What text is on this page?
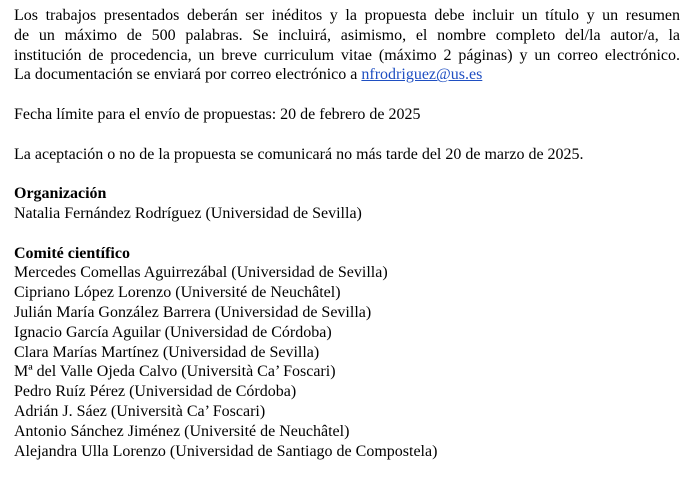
Los trabajos presentados deberán ser inéditos y la propuesta debe incluir un título y un resumen
de un máximo de 500 palabras. Se incluirá, asimismo, el nombre completo del/la autor/a, la
institución de procedencia, un breve curriculum vitae (máximo 2 páginas) y un correo electrónico.
La documentación se enviará por correo electrónico a nfrodriguez@us.es

Fecha límite para el envío de propuestas: 20 de febrero de 2025

La aceptación o no de la propuesta se comunicará no más tarde del 20 de marzo de 2025.

Organización

Natalia Fernández Rodríguez (Universidad de Sevilla)

Comité científico

Mercedes Comellas Aguirrezábal (Universidad de Sevilla)

Cipriano López Lorenzo (Université de Neuchâtel)

Julián María González Barrera (Universidad de Sevilla)

Ignacio García Aguilar (Universidad de Córdoba)

Clara Marías Martínez (Universidad de Sevilla)

Mª del Valle Ojeda Calvo (Università Ca’ Foscari)

Pedro Ruíz Pérez (Universidad de Córdoba)

Adrián J. Sáez (Università Ca’ Foscari)

Antonio Sánchez Jiménez (Université de Neuchâtel)

Alejandra Ulla Lorenzo (Universidad de Santiago de Compostela)
